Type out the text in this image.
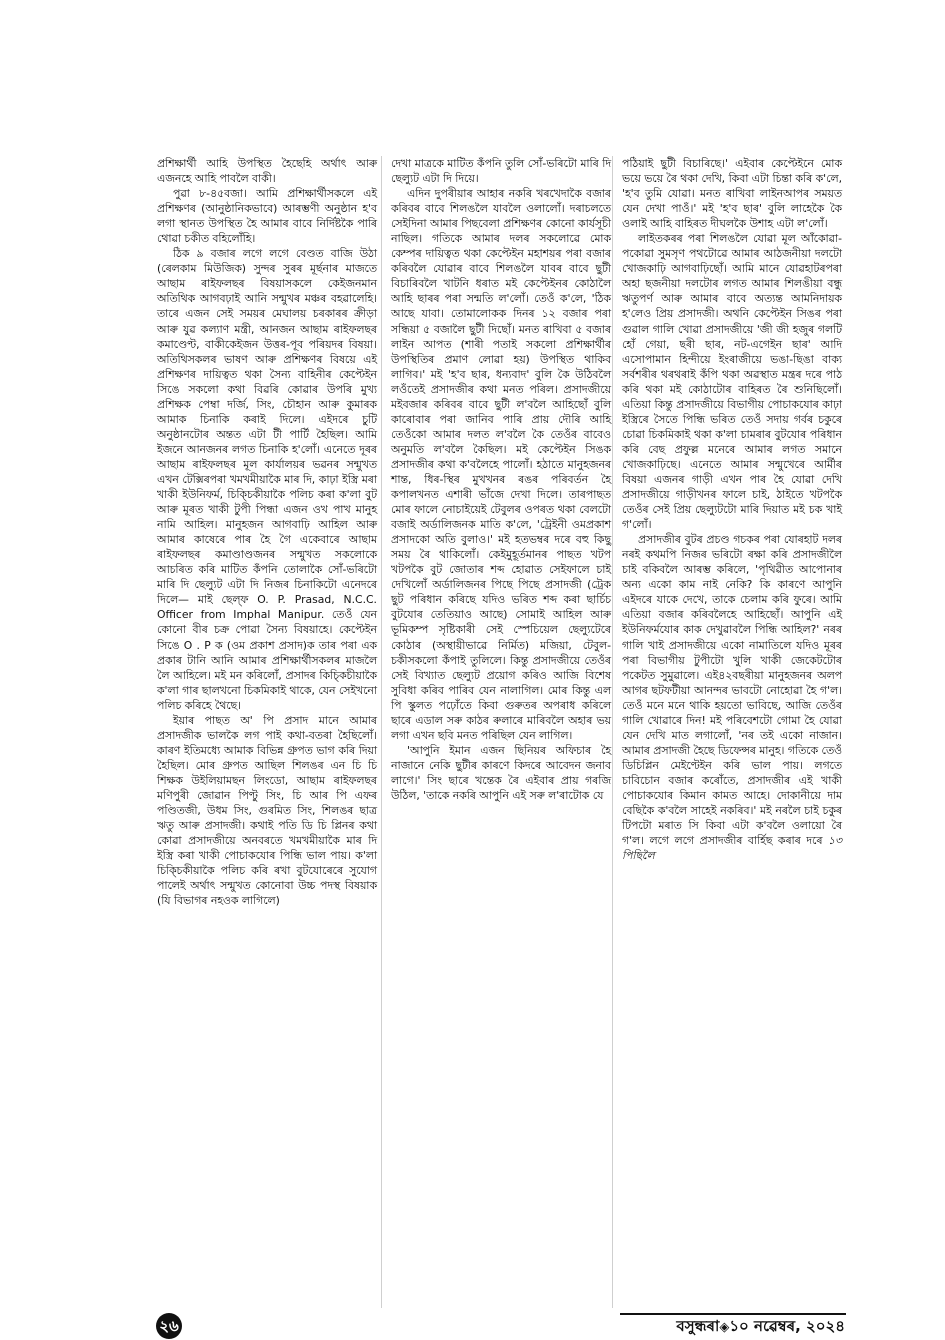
প্ৰশিক্ষাৰ্থী আহি উপস্থিত হৈছেহি অৰ্থাৎ আৰু এজনহে আহি পাবলৈ বাকী।

পুৱা ৮-৪৫বজা। আমি প্ৰশিক্ষাৰ্থীসকলে এই প্ৰশিক্ষণৰ (আনুষ্ঠানিকভাবে) আৰম্ভণী অনুষ্ঠান হ'ব লগা স্থানত উপস্থিত হৈ আমাৰ বাবে নিৰ্দিষ্টকৈ পাৰি থোৱা চকীত বহিলোঁহি।

ঠিক ৯ বজাৰ লগে লগে বেণ্ডত বাজি উঠা (ৰেলকাম মিউজিক) সুন্দৰ সুৰৰ মূৰ্ছনাৰ মাজতে আছাম ৰাইফলছৰ বিষয়াসকলে কেইজনমান অতিথিক আগবঢ়াই আনি সন্মুখৰ মঞ্চৰ বহৱালেহি। তাৰে এজন সেই সময়ৰ মেঘালয় চৰকাৰৰ ক্ৰীড়া আৰু যুৱ কল্যাণ মন্ত্ৰী, আনজন আছাম ৰাইফলছৰ কমাণ্ডেণ্ট, বাকীকেইজন উত্তৰ-পূব পৰিয়দৰ বিষয়া। অতিথিসকলৰ ভাষণ আৰু প্ৰশিক্ষণৰ বিষয়ে এই প্ৰশিক্ষণৰ দায়িত্বত থকা সৈন্য বাহিনীৰ কেপ্টেইন সিঙে সকলো কথা বিৱৰি কোৱাৰ উপৰি মুখ্য প্ৰশিক্ষক পেম্বা দৰ্জি, সিং, চৌহান আৰু কুমাৰক আমাক চিনাকি কৰাই দিলে। এইদৰে চুটি অনুষ্ঠানটোৰ অন্তত এটা টী পাৰ্টি হৈছিল। আমি ইজনে আনজনৰ লগত চিনাকি হ'লোঁ। এনেতে দূৰৰ আছাম ৰাইফলছৰ মূল কাৰ্যালয়ৰ ভৱনৰ সন্মুখত এখন টেক্সিৰপৰা খমখমীয়াকৈ মাৰ দি, কাঢ়া ইস্ত্ৰি মৰা খাকী ইউনিফৰ্ম, চিক্চিকীয়াকৈ পলিচ কৰা ক'লা বুট আৰু মূৰত খাকী টুপী পিন্ধা এজন ওখ পাখ মানুহ নামি আহিল। মানুহজন আগবাঢ়ি আহিল আৰু আমাৰ কাষেৰে পাৰ হৈ গৈ একেবাৰে আছাম ৰাইফলছৰ কমাণ্ডাণ্ডজনৰ সন্মুখত সকলোকে আচৰিত কৰি মাটিত কঁপনি তোলাকৈ সোঁ-ভৰিটো মাৰি দি ছেল্যুট এটা দি নিজৰ চিনাকিটো এনেদৰে দিলে— মাই ছেল্‌ফ O. P. Prasad, N.C.C. Officer from Imphal Manipur. তেওঁ যেন কোনো বীৰ চক্ৰ পোৱা সৈন্য বিষয়াহে। কেপ্টেইন সিঙে O . P ক (ওম প্ৰকাশ প্ৰসাদ)ক তাৰ পৰা এক প্ৰকাৰ টানি আনি আমাৰ প্ৰশিক্ষাৰ্থীসকলৰ মাজলৈ লৈ আহিলে। মই মন কৰিলোঁ, প্ৰসাদৰ কিচ্কিচীয়াকৈ ক'লা গাৰ ছালখনো চিকমিকাই থাকে, যেন সেইখনো পলিচ কৰিহে থৈছে।

ইয়াৰ পাছত অ' পি প্ৰসাদ মানে আমাৰ প্ৰসাদজীক ভালকৈ লগ পাই কথা-বতৰা হৈছিলোঁ। কাৰণ ইতিমধ্যে আমাক বিভিন্ন গ্ৰুপত ভাগ কৰি দিয়া হৈছিল। মোৰ গ্ৰুপত আছিল শিলঙৰ এন চি চি শিক্ষক উইলিয়ামছন লিংডো, আছাম ৰাইফলছৰ মণিপুৰী জোৱান পিণ্টু সিং, চি আৰ পি এফৰ পণ্ডিতজী, উধম সিং, গুৰমিত সিং, শিলঙৰ ছাত্ৰ ঋতু আৰু প্ৰসাদজী। কথাই পতি ডি চি প্লিনৰ কথা কোৱা প্ৰসাদজীয়ে অনবৰতে খমখমীয়াকৈ মাৰ দি ইস্ত্ৰি কৰা খাকী পোচাকযোৰ পিন্ধি ভাল পায়। ক'লা চিক্চিকীয়াকৈ পলিচ কৰি ৰখা বুটযোৰেৰে সুযোগ পালেই অৰ্থাৎ সন্মুখত কোনোবা উচ্চ পদস্থ বিষয়াক (যি বিভাগৰ নহওক লাগিলে)

দেখা মাত্ৰকে মাটিত কঁপনি তুলি সোঁ-ভৰিটো মাৰি দি ছেল্যুট এটা দি দিয়ে।

এদিন দুপৰীয়াৰ আহাৰ নকৰি খৰখেদাকৈ বজাৰ কৰিবৰ বাবে শিলঙলৈ যাবলৈ ওলালোঁ। দৰাচলতে সেইদিনা আমাৰ পিছবেলা প্ৰশিক্ষণৰ কোনো কাৰ্যসূচী নাছিল। গতিকে আমাৰ দলৰ সকলোৱে মোক কেম্পৰ দায়িত্বত থকা কেপ্টেইন মহাশয়ৰ পৰা বজাৰ কৰিবলৈ যোৱাৰ বাবে শিলঙলৈ যাবৰ বাবে ছুটী বিচাৰিবলৈ খাটনি ধৰাত মই কেপ্টেইনৰ কোঠালৈ আহি ছাৰৰ পৰা সন্মতি ল'লোঁ। তেওঁ ক'লে, 'ঠিক আছে যাবা। তোমালোকক দিনৰ ১২ বজাৰ পৰা সন্ধিয়া ৫ বজালৈ ছুটী দিছোঁ। মনত ৰাখিবা ৫ বজাৰ লাইন আপত (শাৰী পতাই সকলো প্ৰশিক্ষাৰ্থীৰ উপস্থিতিৰ প্ৰমাণ লোৱা হয়) উপস্থিত থাকিব লাগিব।' মই 'হ'ব ছাৰ, ধন্যবাদ' বুলি কৈ উঠিবলৈ লওঁতেই প্ৰসাদজীৰ কথা মনত পৰিল। প্ৰসাদজীয়ে মইবজাৰ কৰিবৰ বাবে ছুটী ল'বলৈ আহিছোঁ বুলি কাৰোবাৰ পৰা জানিব পাৰি প্ৰায় দৌৰি আহি তেওঁকো আমাৰ দলত ল'বলৈ কৈ তেওঁৰ বাবেও অনুমতি ল'বলৈ কৈছিল। মই কেপ্টেইন সিঙক প্ৰসাদজীৰ কথা ক'বলৈহে পালোঁ। হঠাতে মানুহজনৰ শান্ত, ধিৰ-স্থিৰ মুখখনৰ ৰঙৰ পৰিবৰ্তন হৈ কপালখনত এশাৰী ভাঁজে দেখা দিলে। তাৰপাছত মোৰ ফালে নোচাইয়েই টেবুলৰ ওপৰত থকা বেলটো বজাই অৰ্ডালিজনক মাতি ক'লে, 'ট্ৰেইনী ওমপ্ৰকাশ প্ৰসাদকো অতি বুলাও।' মই হতভম্বৰ দৰে বহু কিছু সময় ৰৈ থাকিলোঁ। কেইমুহূৰ্তমানৰ পাছত খটপ খটপকৈ বুট জোতাৰ শব্দ হোৱাত সেইফালে চাই দেখিলোঁ অৰ্ডালিজনৰ পিছে পিছে প্ৰসাদজী (ট্ৰেক ছুট পৰিধান কৰিছে যদিও ভৰিত শব্দ কৰা ছাৰ্চিচ বুটযোৰ তেতিয়াও আছে) সোমাই আহিল আৰু ভূমিকম্প সৃষ্টিকাৰী সেই স্পেচিয়েল ছেল্যুটেৰে কোঠাৰ (অস্থায়ীভাৱে নিৰ্মিত) মজিয়া, টেবুল-চকীসকলো কঁপাই তুলিলে। কিন্তু প্ৰসাদজীয়ে তেওঁৰ সেই বিখ্যাত ছেল্যুট প্ৰয়োগ কৰিও আজি বিশেষ সুবিধা কৰিব পাৰিব যেন নালাগিল। মোৰ কিন্তু এল পি স্কুলত পঢ়োঁতে কিবা গুৰুতৰ অপৰাধ কৰিলে ছাৰে এডাল সৰু কাঠৰ ৰুলাৰে মাৰিবলৈ অহাৰ ভয় লগা এখন ছবি মনত পৰিছিল যেন লাগিল।

'আপুনি ইমান এজন ছিনিয়ৰ অফিচাৰ হৈ নাজানে নেকি ছুটীৰ কাৰণে কিদৰে আবেদন জনাব লাগে।' সিং ছাৰে খন্তেক ৰৈ এইবাৰ প্ৰায় গৰজি উঠিল, 'তাকে নকৰি আপুনি এই সৰু ল'ৰাটোক যে

পঠিয়াই ছুটী বিচাৰিছে।' এইবাৰ কেপ্টেইনে মোক ভয়ে ভয়ে ৰৈ থকা দেখি, কিবা এটা চিন্তা কৰি ক'লে, 'হ'ব তুমি যোৱা। মনত ৰাখিবা লাইনআপৰ সময়ত যেন দেখা পাওঁ।' মই 'হ'ব ছাৰ' বুলি লাহেকৈ কৈ ওলাই আহি বাহিৰত দীঘলকৈ উশাহ এটা ল'লোঁ।

লাইতকৰৰ পৰা শিলঙলৈ যোৱা মূল আঁকোৱা-পকোৱা সুমসৃণ পথটোৱে আমাৰ আঠজনীয়া দলটো খোজকাঢ়ি আগবাঢ়িছোঁ। আমি মানে যোৱহাটৰপৰা অহা ছজনীয়া দলটোৰ লগত আমাৰ শিলঙীয়া বন্ধু ঋতুপৰ্ণ আৰু আমাৰ বাবে অত্যন্ত আমনিদায়ক হ'লেও প্ৰিয় প্ৰসাদজী। অথনি কেপ্টেইন সিঙৰ পৰা গুৱাল গালি খোৱা প্ৰসাদজীয়ে 'জী জী হজুৰ গলটি হোঁ গেয়া, ছৰী ছাৰ, নট-এগেইন ছাৰ' আদি এসোপামান হিন্দীয়ে ইংৰাজীয়ে ভঙা-ছিঙা বাক্য সৰ্বশৰীৰ থৰথৰাই কঁপি থকা অৱস্থাত মন্ত্ৰৰ দৰে পাঠ কৰি থকা মই কোঠাটোৰ বাহিৰত ৰৈ শুনিছিলোঁ। এতিয়া কিন্তু প্ৰসাদজীয়ে বিভাগীয় পোচাকযোৰ কাঢ়া ইস্ত্ৰিৰে সৈতে পিন্ধি ভৰিত তেওঁ সদায় গৰ্বৰ চকুৰে চোৱা চিকমিকাই থকা ক'লা চামৰাৰ বুটযোৰ পৰিধান কৰি বেছ প্ৰফুল্ল মনেৰে আমাৰ লগত সমানে খোজকাঢ়িছে। এনেতে আমাৰ সন্মুখেৰে আৰ্মীৰ বিষয়া এজনৰ গাড়ী এখন পাৰ হৈ যোৱা দেখি প্ৰসাদজীয়ে গাড়ীখনৰ ফালে চাই, ঠাইতে খটপকৈ তেওঁৰ সেই প্ৰিয় ছেল্যুটটো মাৰি দিয়াত মই চক খাই গ'লোঁ।

প্ৰসাদজীৰ বুটৰ প্ৰচণ্ড গচকৰ পৰা যোৰহাট দলৰ নৰই কথমপি নিজৰ ভৰিটো ৰক্ষা কৰি প্ৰসাদজীলৈ চাই বকিবলৈ আৰম্ভ কৰিলে, 'পৃথিৱীত আপোনাৰ অন্য একো কাম নাই নেকি? কি কাৰণে আপুনি এইদৰে যাকে দেখে, তাকে চেলাম কৰি ফুৰে। আমি এতিয়া বজাৰ কৰিবলৈহে আহিছোঁ। আপুনি এই ইউনিফৰ্মযোৰ কাক দেখুৱাবলৈ পিন্ধি আহিল?' নৰৰ গালি খাই প্ৰসাদজীয়ে একো নামাতিলে যদিও মূৰৰ পৰা বিভাগীয় টুপীটো খুলি খাকী জেকেটটোৰ পকেটত সুমুৱালে। এই৪২বছৰীয়া মানুহজনৰ অলপ আগৰ ছটফটীয়া আনন্দৰ ভাবটো নোহোৱা হৈ গ'ল। তেওঁ মনে মনে থাকি হয়তো ভাবিছে, আজি তেওঁৰ গালি খোৱাৰে দিন! মই পৰিবেশটো গোমা হৈ যোৱা যেন দেখি মাত লগালোঁ, 'নৰ তই একো নাজান। আমাৰ প্ৰসাদজী হৈছে ডিফেন্সৰ মানুহ। গতিকে তেওঁ ডিচিপ্লিন মেইণ্টেইন কৰি ভাল পায়। লগতে চাবিচোন বজাৰ কৰোঁতে, প্ৰসাদজীৰ এই খাকী পোচাকযোৰ কিমান কামত আহে। দোকানীয়ে দাম বেছিকৈ ক'বলৈ সাহেই নকৰিব।' মই নৰলৈ চাই চকুৰ টিপটো মৰাত সি কিবা এটা ক'বলৈ ওলায়ো ৰৈ গ'ল। লগে লগে প্ৰসাদজীৰ বাৰ্হিছ কৰাৰ দৰে ১৩ পিছিলৈ

২৬	বসুন্ধৰা◈১০ নৱেম্বৰ, ২০২৪
